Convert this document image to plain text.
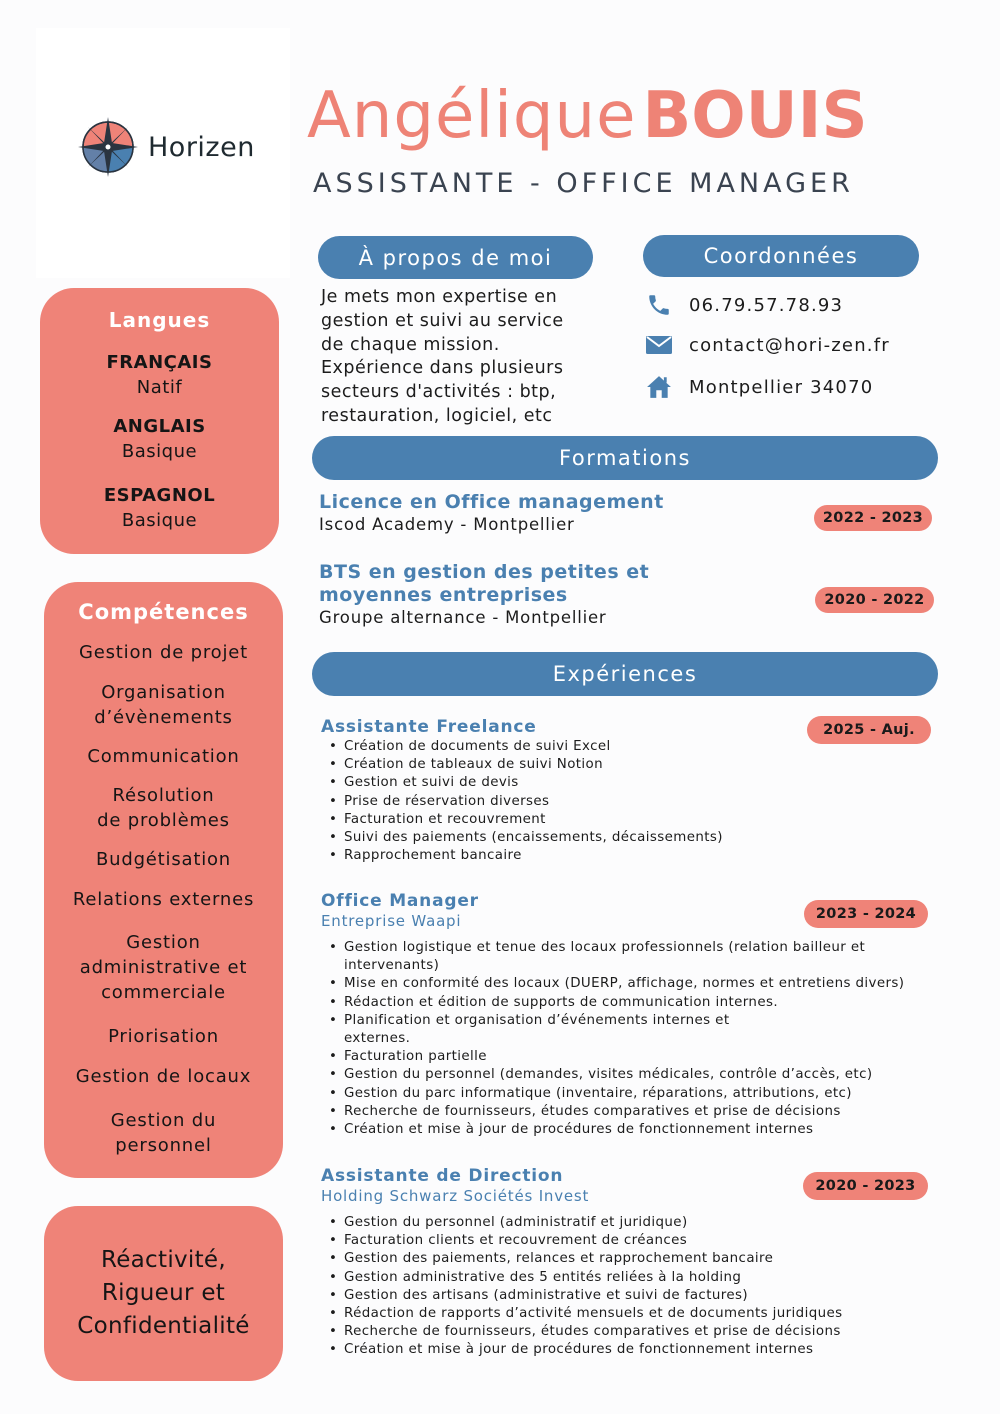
Horizen AngéliqueBOUIS
ASSISTANTE - OFFICE MANAGER
Langues
FRANÇAIS
Natif
ANGLAIS
Basique
ESPAGNOL
Basique
Compétences
Gestion de projet
Organisation
d’évènements
Communication
Résolution
de problèmes
Budgétisation
Relations externes
Gestion
administrative et
commerciale
Priorisation
Gestion de locaux
Gestion du
personnel
Réactivité,
Rigueur et
Confidentialité
À propos de moi
Je mets mon expertise en gestion et suivi au service de chaque mission. Expérience dans plusieurs secteurs d'activités : btp, restauration, logiciel, etc
Coordonnées
06.79.57.78.93
contact@hori-zen.fr
Montpellier 34070
Formations
Licence en Office management
Iscod Academy - Montpellier	2022 - 2023
BTS en gestion des petites et moyennes entreprises
Groupe alternance - Montpellier
2020 - 2022
Expériences
Assistante Freelance
• Création de documents de suivi Excel
• Création de tableaux de suivi Notion
• Gestion et suivi de devis
• Prise de réservation diverses
• Facturation et recouvrement
• Suivi des paiements (encaissements, décaissements)
• Rapprochement bancaire
2025 - Auj.
Office Manager
Entreprise Waapi
• Gestion logistique et tenue des locaux professionnels (relation bailleur et intervenants)
• Mise en conformité des locaux (DUERP, affichage, normes et entretiens divers)
• Rédaction et édition de supports de communication internes.
• Planification et organisation d’événements internes et externes.
• Facturation partielle
• Gestion du personnel (demandes, visites médicales, contrôle d’accès, etc)
• Gestion du parc informatique (inventaire, réparations, attributions, etc)
• Recherche de fournisseurs, études comparatives et prise de décisions
• Création et mise à jour de procédures de fonctionnement internes
2023 - 2024
Assistante de Direction
Holding Schwarz Sociétés Invest
• Gestion du personnel (administratif et juridique)
• Facturation clients et recouvrement de créances
• Gestion des paiements, relances et rapprochement bancaire
• Gestion administrative des 5 entités reliées à la holding
• Gestion des artisans (administrative et suivi de factures)
• Rédaction de rapports d’activité mensuels et de documents juridiques
• Recherche de fournisseurs, études comparatives et prise de décisions
• Création et mise à jour de procédures de fonctionnement internes
2020 - 2023
